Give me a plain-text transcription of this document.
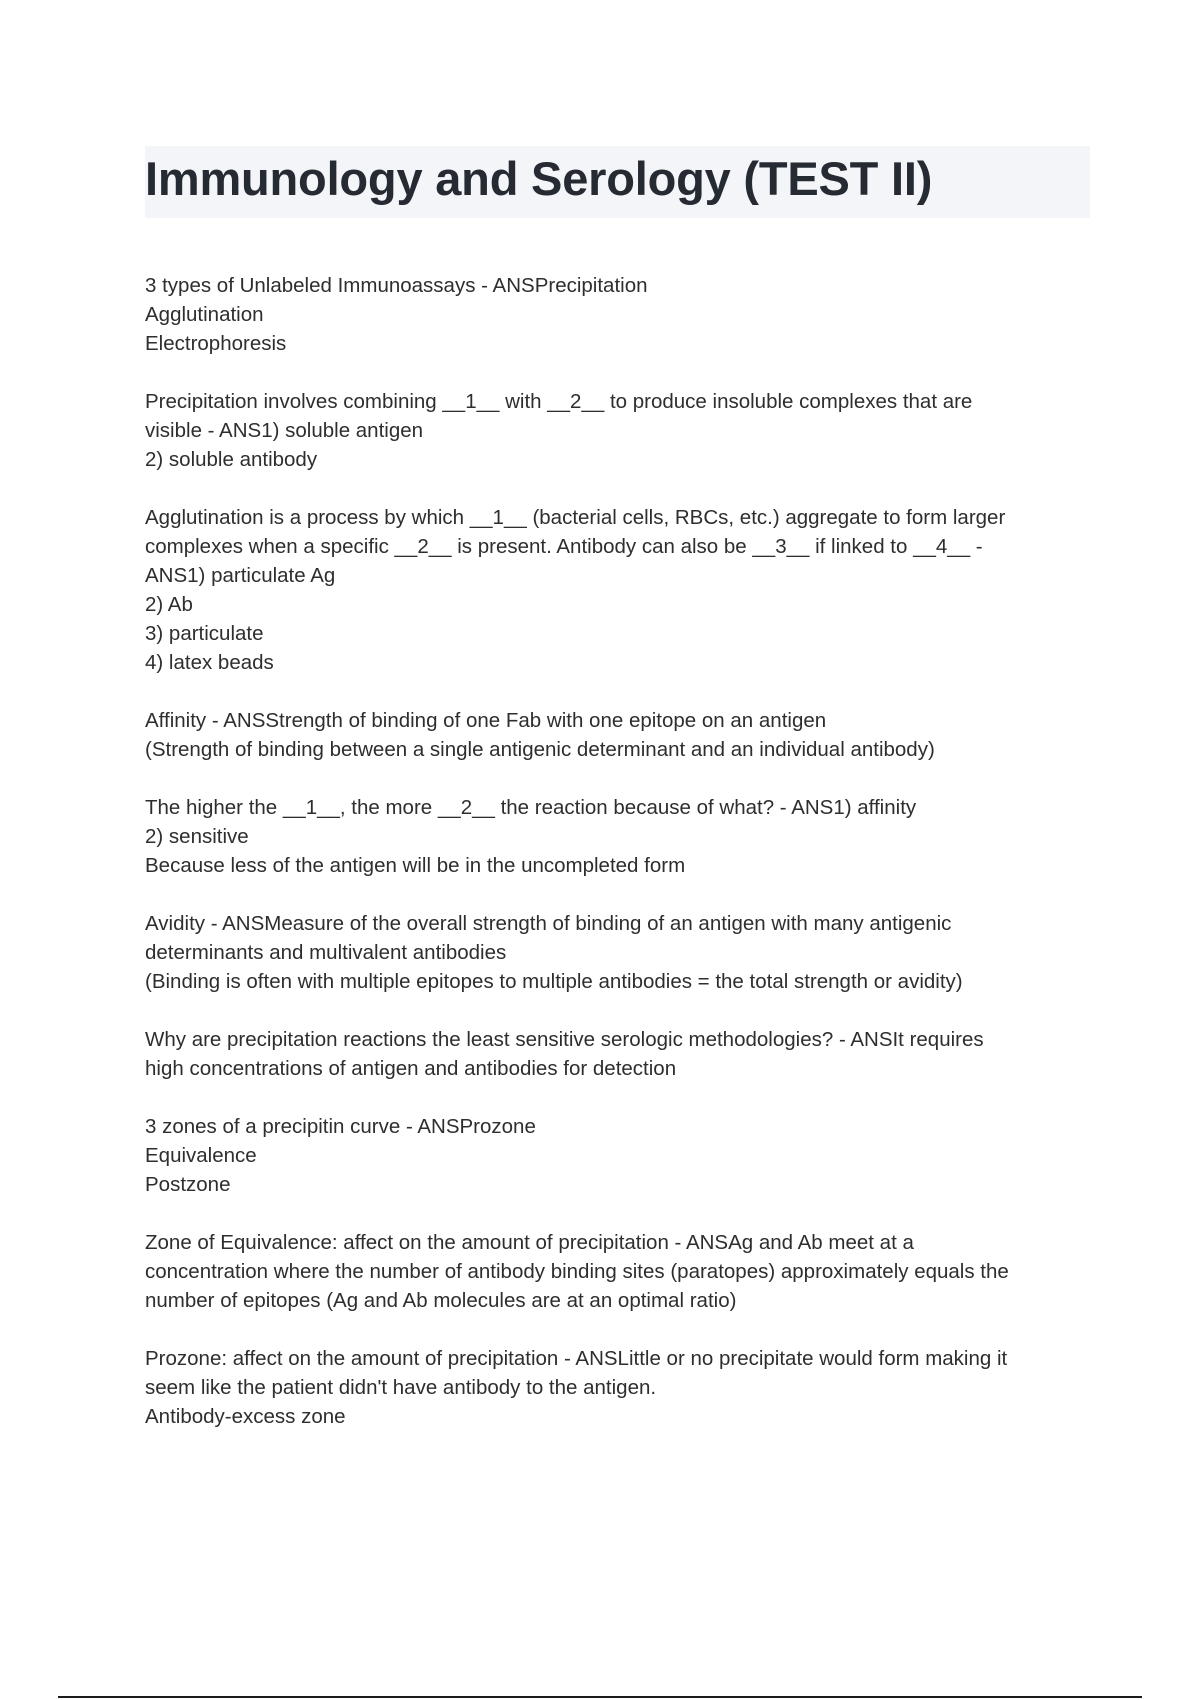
Immunology and Serology (TEST II)

3 types of Unlabeled Immunoassays - ANSPrecipitation
Agglutination
Electrophoresis

Precipitation involves combining __1__ with __2__ to produce insoluble complexes that are
visible - ANS1) soluble antigen
2) soluble antibody

Agglutination is a process by which __1__ (bacterial cells, RBCs, etc.) aggregate to form larger
complexes when a specific __2__ is present. Antibody can also be __3__ if linked to __4__ -
ANS1) particulate Ag
2) Ab
3) particulate
4) latex beads

Affinity - ANSStrength of binding of one Fab with one epitope on an antigen
(Strength of binding between a single antigenic determinant and an individual antibody)

The higher the __1__, the more __2__ the reaction because of what? - ANS1) affinity
2) sensitive
Because less of the antigen will be in the uncompleted form

Avidity - ANSMeasure of the overall strength of binding of an antigen with many antigenic
determinants and multivalent antibodies
(Binding is often with multiple epitopes to multiple antibodies = the total strength or avidity)

Why are precipitation reactions the least sensitive serologic methodologies? - ANSIt requires
high concentrations of antigen and antibodies for detection

3 zones of a precipitin curve - ANSProzone
Equivalence
Postzone

Zone of Equivalence: affect on the amount of precipitation - ANSAg and Ab meet at a
concentration where the number of antibody binding sites (paratopes) approximately equals the
number of epitopes (Ag and Ab molecules are at an optimal ratio)

Prozone: affect on the amount of precipitation - ANSLittle or no precipitate would form making it
seem like the patient didn't have antibody to the antigen.
Antibody-excess zone
